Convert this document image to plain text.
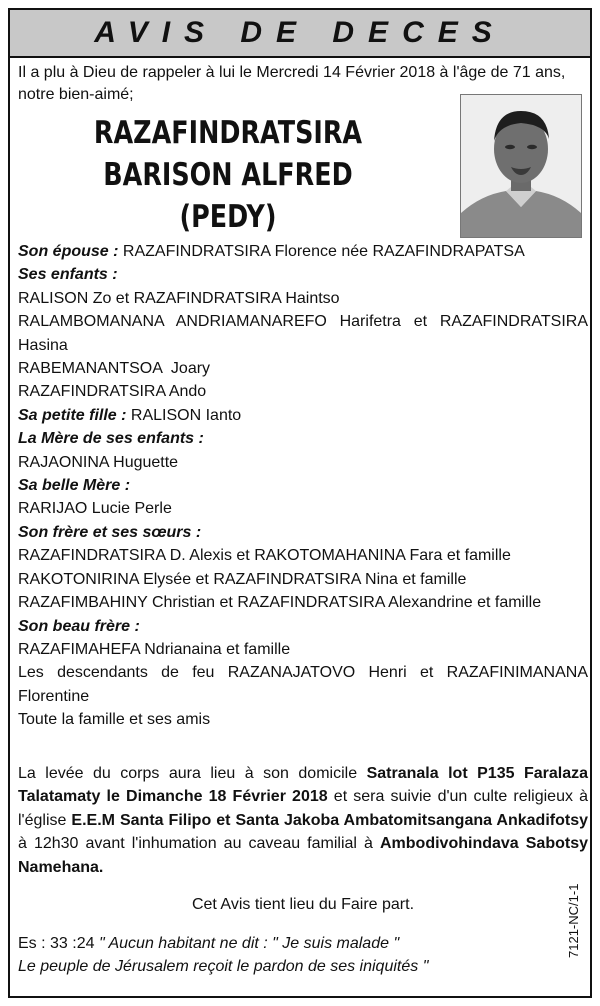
AVIS DE DECES
Il a plu à Dieu de rappeler à lui le Mercredi 14 Février 2018 à l'âge de 71 ans,
notre bien-aimé;
RAZAFINDRATSIRA
BARISON ALFRED
(PEDY)
Son épouse : RAZAFINDRATSIRA Florence née RAZAFINDRAPATSA
Ses enfants :
RALISON Zo et RAZAFINDRATSIRA Haintso
RALAMBOMANANA ANDRIAMANAREFO Harifetra et RAZAFINDRATSIRA Hasina
RABEMANANTSOA  Joary
RAZAFINDRATSIRA Ando
Sa petite fille : RALISON Ianto
La Mère de ses enfants :
RAJAONINA Huguette
Sa belle Mère :
RARIJAO Lucie Perle
Son frère et ses sœurs :
RAZAFINDRATSIRA D. Alexis et RAKOTOMAHANINA Fara et famille
RAKOTONIRINA Elysée et RAZAFINDRATSIRA Nina et famille
RAZAFIMBAHINY Christian et RAZAFINDRATSIRA Alexandrine et famille
Son beau frère :
RAZAFIMAHEFA Ndrianaina et famille
Les descendants de feu RAZANAJATOVO Henri et RAZAFINIMANANA Florentine
Toute la famille et ses amis
La levée du corps aura lieu à son domicile Satranala lot P135 Faralaza Talatamaty le Dimanche 18 Février 2018 et sera suivie d'un culte religieux à l'église E.E.M Santa Filipo et Santa Jakoba Ambatomitsangana Ankadifotsy à 12h30 avant l'inhumation au caveau familial à Ambodivohindava Sabotsy Namehana.
Cet Avis tient lieu du Faire part.
Es : 33 :24 " Aucun habitant ne dit : " Je suis malade "
Le peuple de Jérusalem reçoit le pardon de ses iniquités "
7121-NC/1-1
